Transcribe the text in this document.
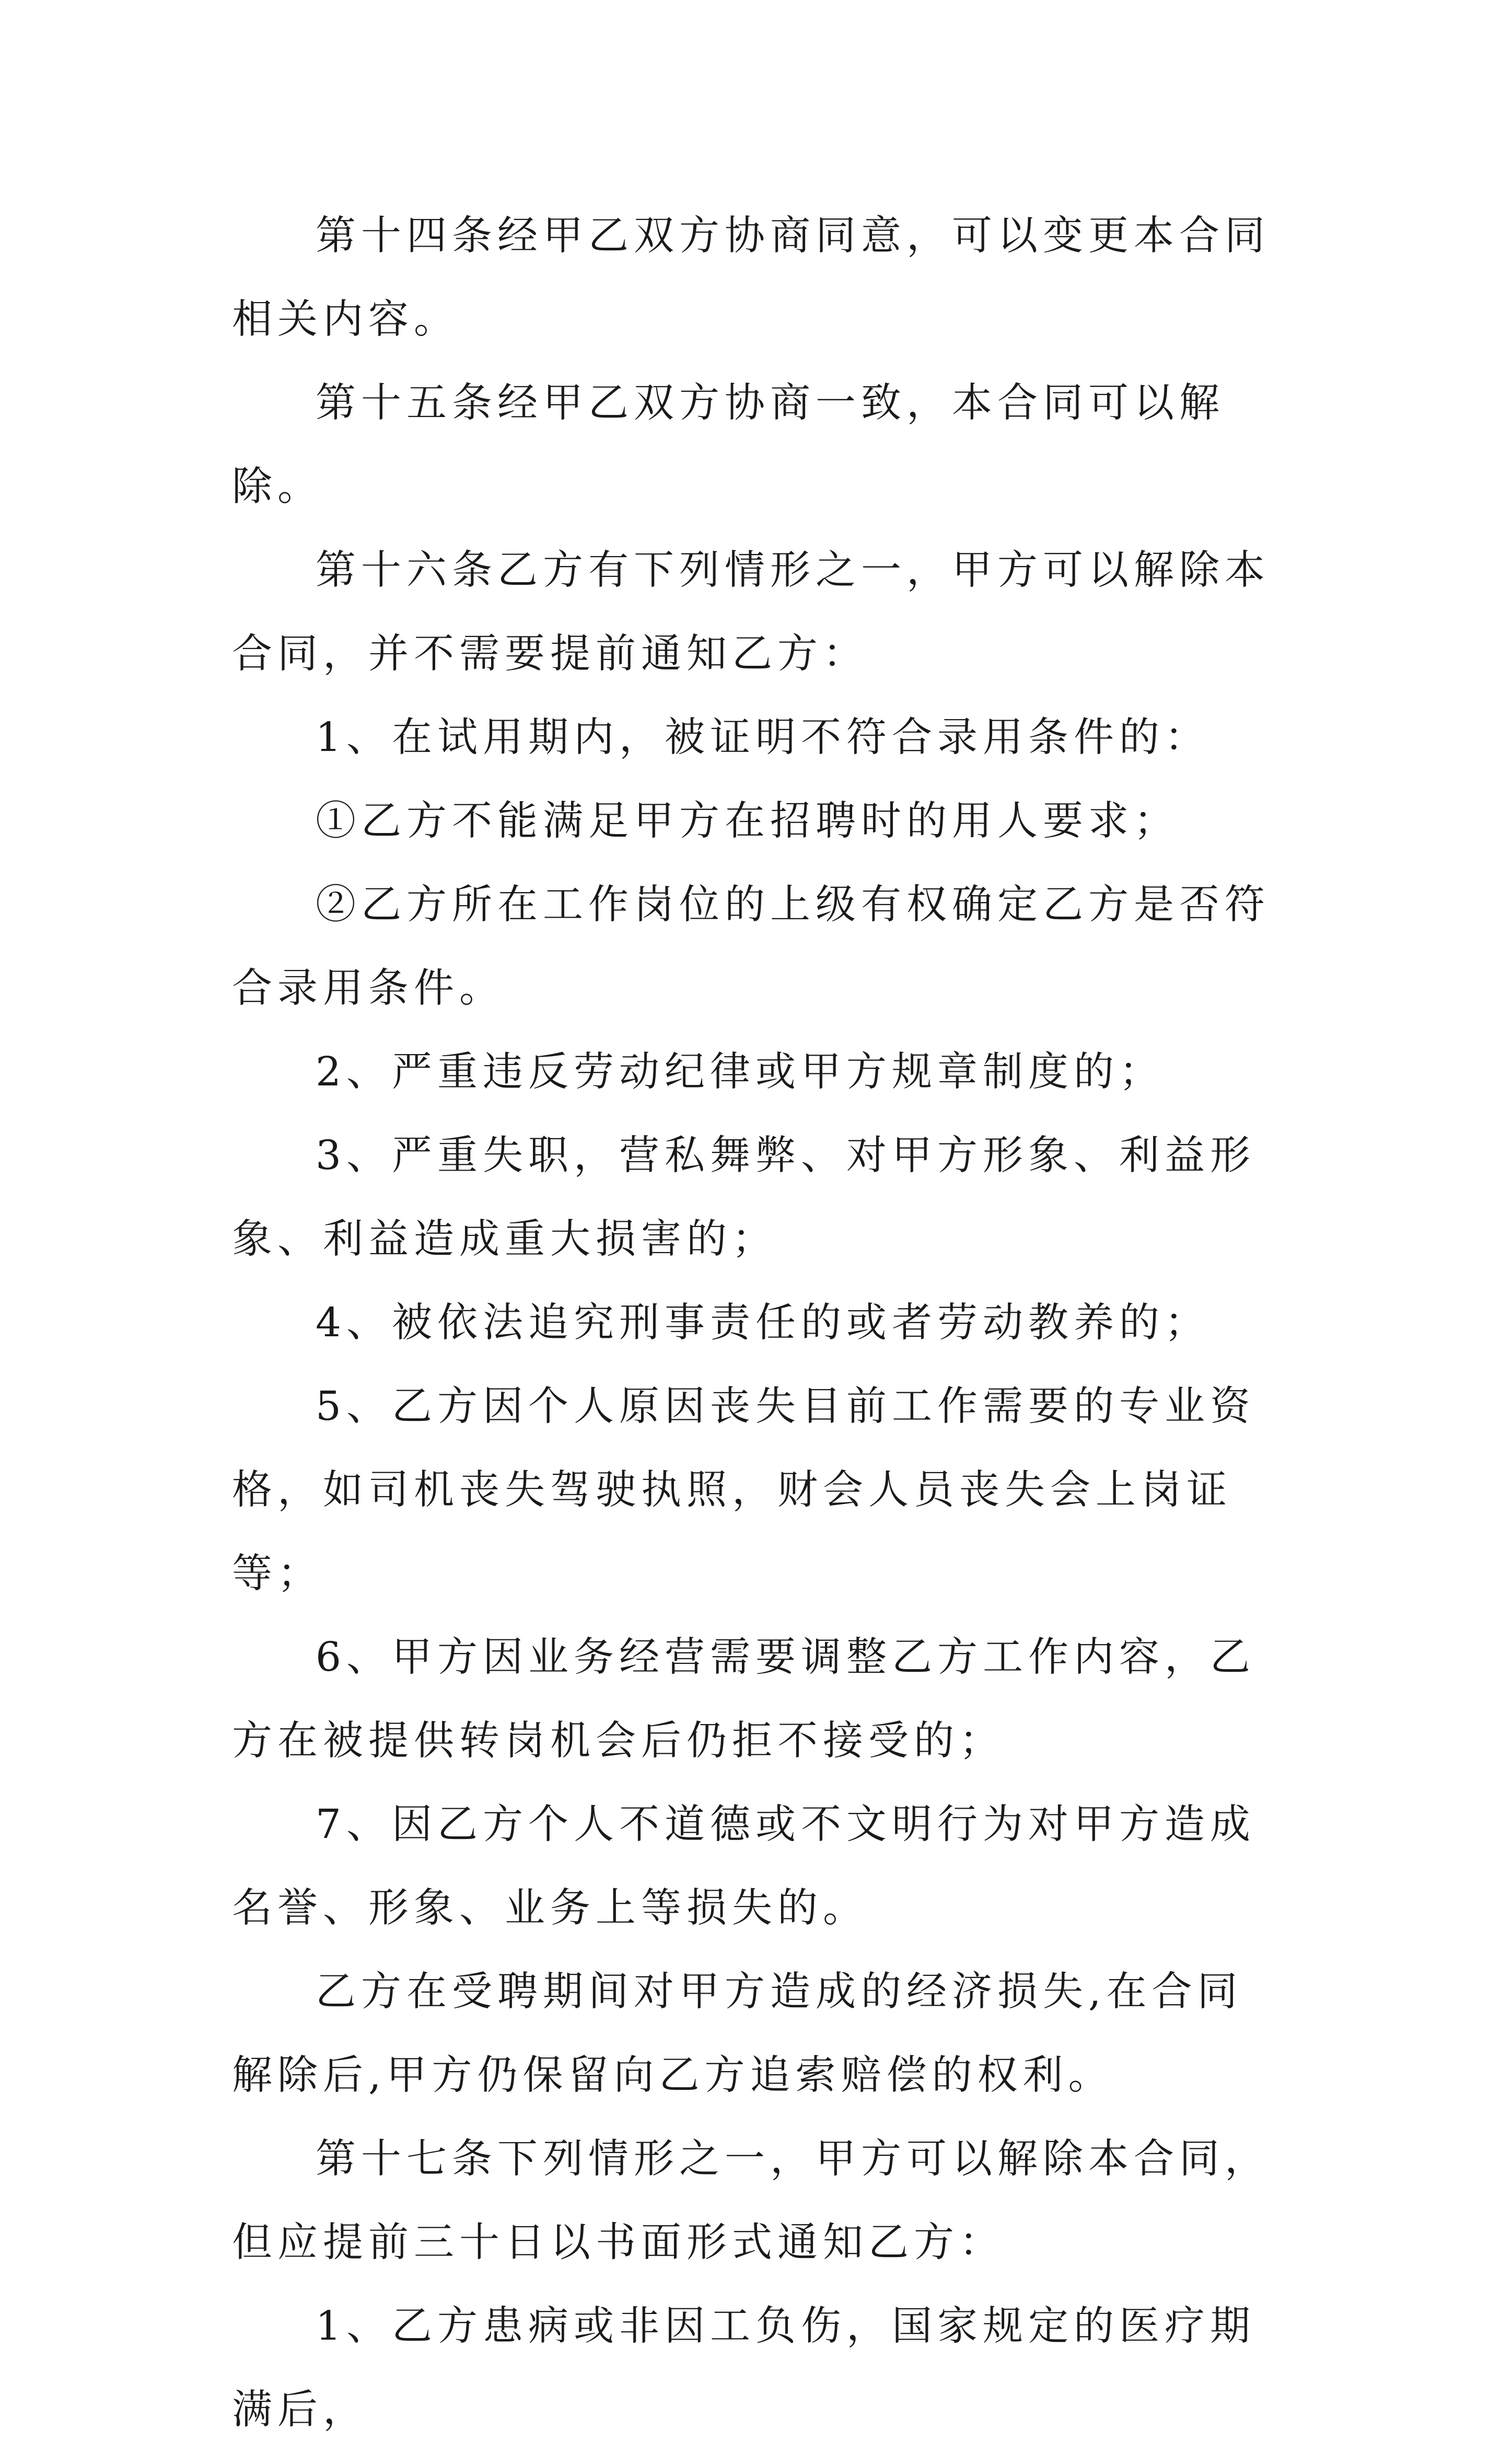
第十四条经甲乙双方协商同意，可以变更本合同相关内容。

第十五条经甲乙双方协商一致，本合同可以解除。

第十六条乙方有下列情形之一，甲方可以解除本合同，并不需要提前通知乙方：

1、在试用期内，被证明不符合录用条件的：

①乙方不能满足甲方在招聘时的用人要求；

②乙方所在工作岗位的上级有权确定乙方是否符合录用条件。

2、严重违反劳动纪律或甲方规章制度的；

3、严重失职，营私舞弊、对甲方形象、利益形象、利益造成重大损害的；

4、被依法追究刑事责任的或者劳动教养的；

5、乙方因个人原因丧失目前工作需要的专业资格，如司机丧失驾驶执照，财会人员丧失会上岗证等；

6、甲方因业务经营需要调整乙方工作内容，乙方在被提供转岗机会后仍拒不接受的；

7、因乙方个人不道德或不文明行为对甲方造成名誉、形象、业务上等损失的。

乙方在受聘期间对甲方造成的经济损失,在合同解除后,甲方仍保留向乙方追索赔偿的权利。

第十七条下列情形之一，甲方可以解除本合同，但应提前三十日以书面形式通知乙方：

1、乙方患病或非因工负伤，国家规定的医疗期满后，
